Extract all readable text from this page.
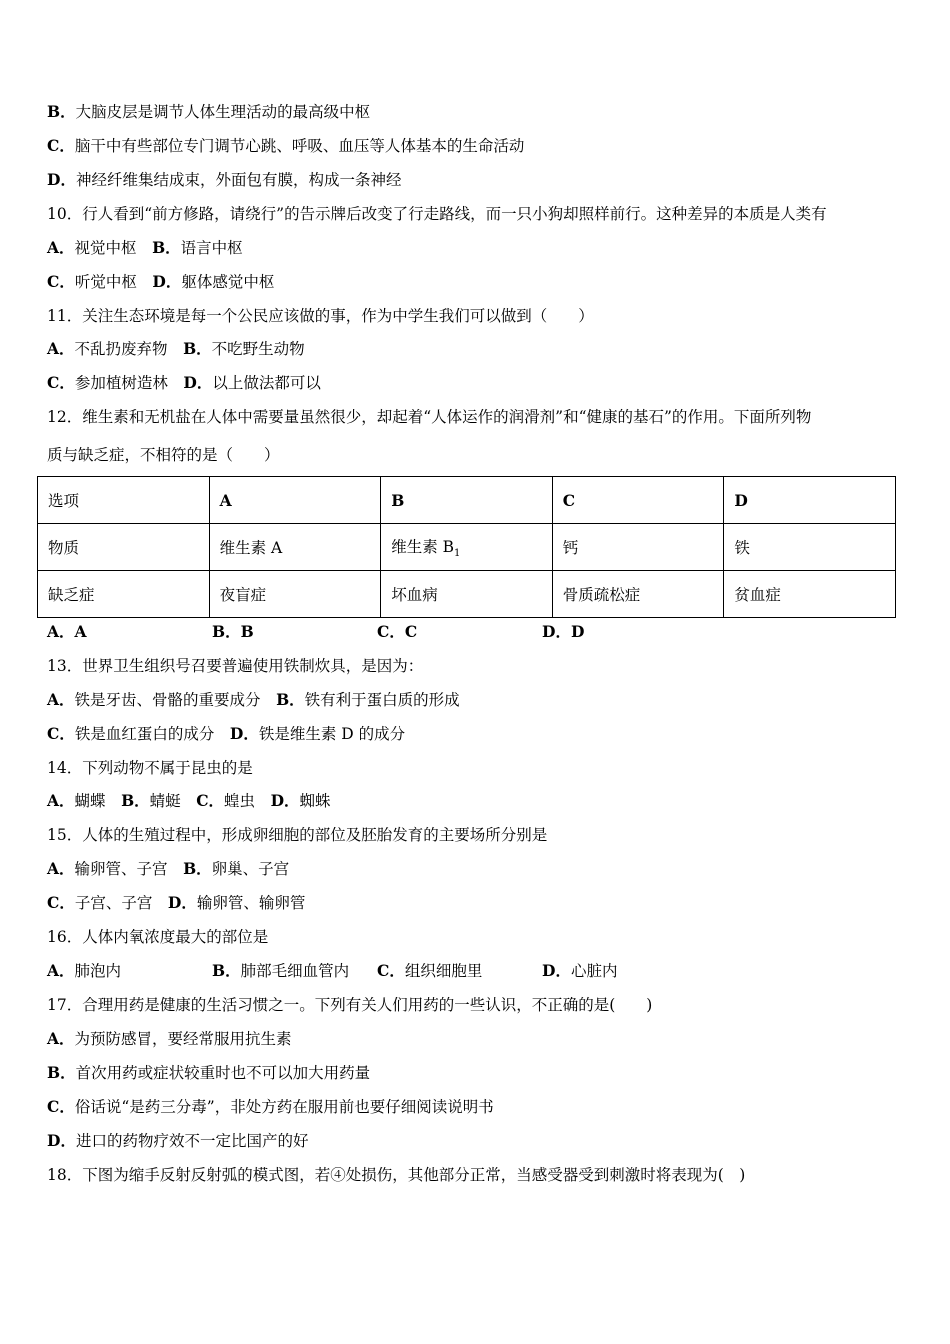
B．大脑皮层是调节人体生理活动的最高级中枢
C．脑干中有些部位专门调节心跳、呼吸、血压等人体基本的生命活动
D．神经纤维集结成束，外面包有膜，构成一条神经
10．行人看到“前方修路，请绕行”的告示牌后改变了行走路线，而一只小狗却照样前行。这种差异的本质是人类有
A．视觉中枢　 B．语言中枢
C．听觉中枢　 D．躯体感觉中枢
11．关注生态环境是每一个公民应该做的事，作为中学生我们可以做到（　　）
A．不乱扔废弃物　 B．不吃野生动物
C．参加植树造林　 D．以上做法都可以
12．维生素和无机盐在人体中需要量虽然很少，却起着“人体运作的润滑剂”和“健康的基石”的作用。下面所列物
质与缺乏症，不相符的是（　　）
选项	A	B	C	D
物质	维生素 A	维生素 $B_1$	钙	铁
缺乏症	夜盲症	坏血病	骨质疏松症	贫血症
A．A	B．B	C．C	D．D
13．世界卫生组织号召要普遍使用铁制炊具，是因为：
A．铁是牙齿、骨骼的重要成分　 B．铁有利于蛋白质的形成
C．铁是血红蛋白的成分　 D．铁是维生素 D 的成分
14．下列动物不属于昆虫的是
A．蝴蝶　 B．蜻蜓　 C．蝗虫　 D．蜘蛛
15．人体的生殖过程中，形成卵细胞的部位及胚胎发育的主要场所分别是
A．输卵管、子宫　 B．卵巢、子宫
C．子宫、子宫　 D．输卵管、输卵管
16．人体内氧浓度最大的部位是
A．肺泡内	B．肺部毛细血管内 C．组织细胞里	D．心脏内
17．合理用药是健康的生活习惯之一。下列有关人们用药的一些认识，不正确的是(　　)
A．为预防感冒，要经常服用抗生素
B．首次用药或症状较重时也不可以加大用药量
C．俗话说“是药三分毒”，非处方药在服用前也要仔细阅读说明书
D．进口的药物疗效不一定比国产的好
18．下图为缩手反射反射弧的模式图，若④处损伤，其他部分正常，当感受器受到刺激时将表现为(　)
